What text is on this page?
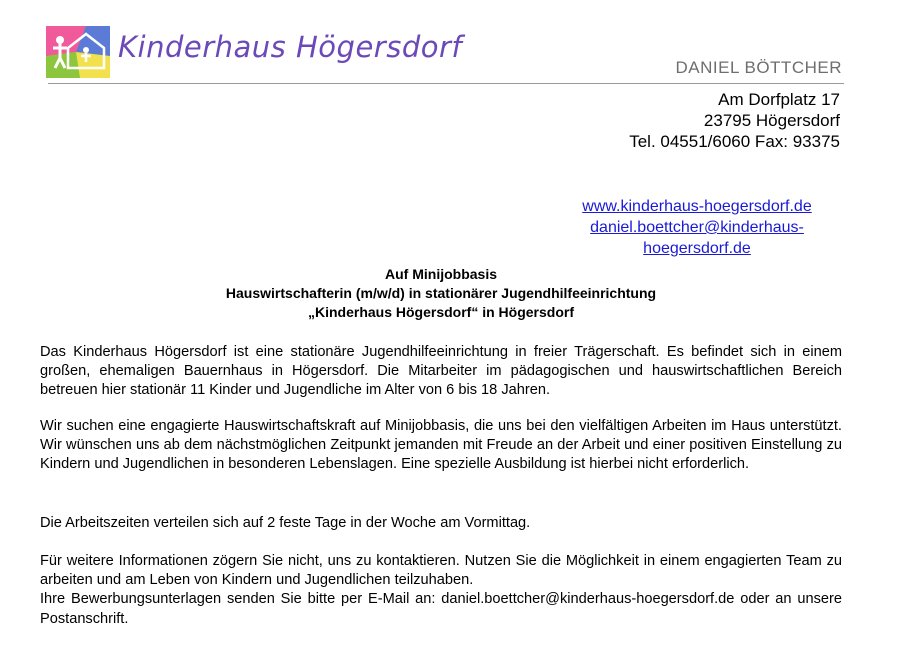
Kinderhaus Högersdorf
DANIEL BÖTTCHER
Am Dorfplatz 17
23795 Högersdorf
Tel. 04551/6060 Fax: 93375
www.kinderhaus-hoegersdorf.de
daniel.boettcher@kinderhaus-
hoegersdorf.de
Auf Minijobbasis
Hauswirtschafterin (m/w/d) in stationärer Jugendhilfeeinrichtung
„Kinderhaus Högersdorf“ in Högersdorf
Das Kinderhaus Högersdorf ist eine stationäre Jugendhilfeeinrichtung in freier Trägerschaft. Es befindet sich in einem großen, ehemaligen Bauernhaus in Högersdorf. Die Mitarbeiter im pädagogischen und hauswirtschaftlichen Bereich betreuen hier stationär 11 Kinder und Jugendliche im Alter von 6 bis 18 Jahren.
Wir suchen eine engagierte Hauswirtschaftskraft auf Minijobbasis, die uns bei den vielfältigen Arbeiten im Haus unterstützt. Wir wünschen uns ab dem nächstmöglichen Zeitpunkt jemanden mit Freude an der Arbeit und einer positiven Einstellung zu Kindern und Jugendlichen in besonderen Lebenslagen. Eine spezielle Ausbildung ist hierbei nicht erforderlich.
Die Arbeitszeiten verteilen sich auf 2 feste Tage in der Woche am Vormittag.
Für weitere Informationen zögern Sie nicht, uns zu kontaktieren. Nutzen Sie die Möglichkeit in einem engagierten Team zu arbeiten und am Leben von Kindern und Jugendlichen teilzuhaben.
Ihre Bewerbungsunterlagen senden Sie bitte per E-Mail an: daniel.boettcher@kinderhaus-hoegersdorf.de oder an unsere Postanschrift.
